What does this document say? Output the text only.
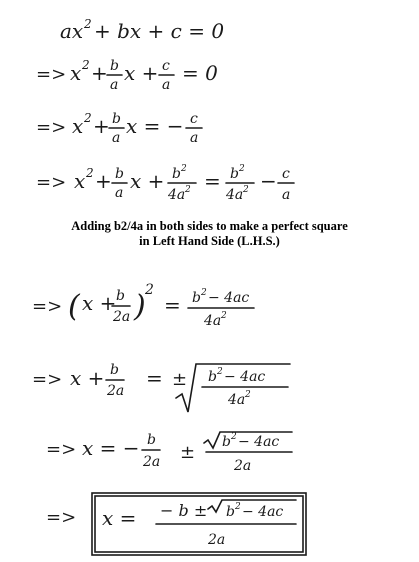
ax 2 + bx + c = 0
=> x 2 + b
a x + c
a = 0
=> x 2 + b
a x = − c
a
=> x 2 + b
a x + b 2
4a 2 = b 2
4a 2 − c
a
=> ( x + b
2a ) 2
= b 2 − 4ac
4a 2
=> x + b
2a
= ± b 2 − 4ac
4a 2
=> x = − b
2a ± b 2 − 4ac
2a
=> x = − b ± b 2 − 4ac
2a
Adding b2/4a in both sides to make a perfect square
in Left Hand Side (L.H.S.)
